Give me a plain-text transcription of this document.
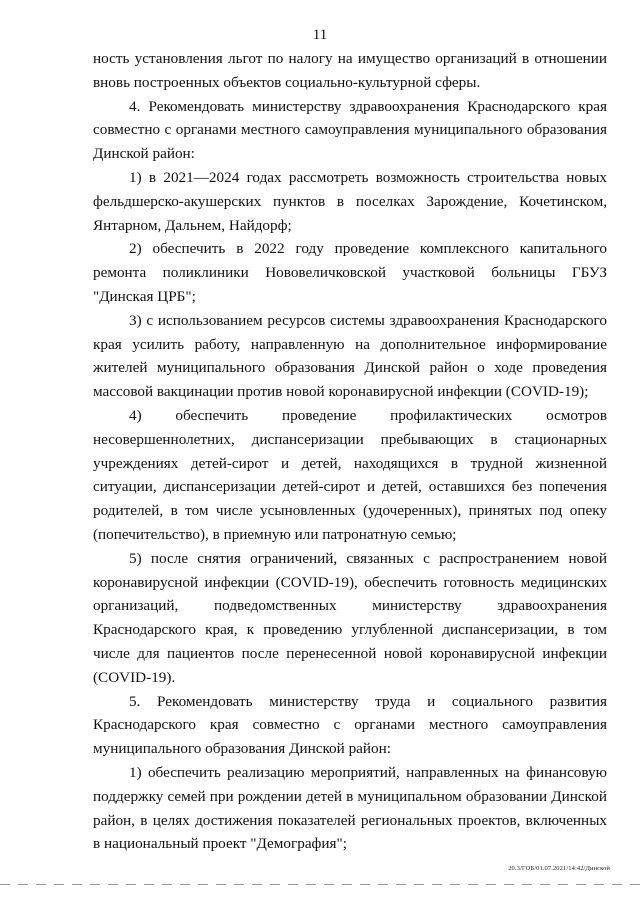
11

ность установления льгот по налогу на имущество организаций в отношении вновь построенных объектов социально-культурной сферы.

4. Рекомендовать министерству здравоохранения Краснодарского края совместно с органами местного самоуправления муниципального образования Динской район:

1) в 2021—2024 годах рассмотреть возможность строительства новых фельдшерско-акушерских пунктов в поселках Зарождение, Кочетинском, Янтарном, Дальнем, Найдорф;

2) обеспечить в 2022 году проведение комплексного капитального ремонта поликлиники Нововеличковской участковой больницы ГБУЗ "Динская ЦРБ";

3) с использованием ресурсов системы здравоохранения Краснодарского края усилить работу, направленную на дополнительное информирование жителей муниципального образования Динской район о ходе проведения массовой вакцинации против новой коронавирусной инфекции (COVID-19);

4) обеспечить проведение профилактических осмотров несовершеннолетних, диспансеризации пребывающих в стационарных учреждениях детей-сирот и детей, находящихся в трудной жизненной ситуации, диспансеризации детей-сирот и детей, оставшихся без попечения родителей, в том числе усыновленных (удочеренных), принятых под опеку (попечительство), в приемную или патронатную семью;

5) после снятия ограничений, связанных с распространением новой коронавирусной инфекции (COVID-19), обеспечить готовность медицинских организаций, подведомственных министерству здравоохранения Краснодарского края, к проведению углубленной диспансеризации, в том числе для пациентов после перенесенной новой коронавирусной инфекции (COVID-19).

5. Рекомендовать министерству труда и социального развития Краснодарского края совместно с органами местного самоуправления муниципального образования Динской район:

1) обеспечить реализацию мероприятий, направленных на финансовую поддержку семей при рождении детей в муниципальном образовании Динской район, в целях достижения показателей региональных проектов, включенных в национальный проект "Демография";

20.3/ГОБ/01.07.2021/14:42/Динской
